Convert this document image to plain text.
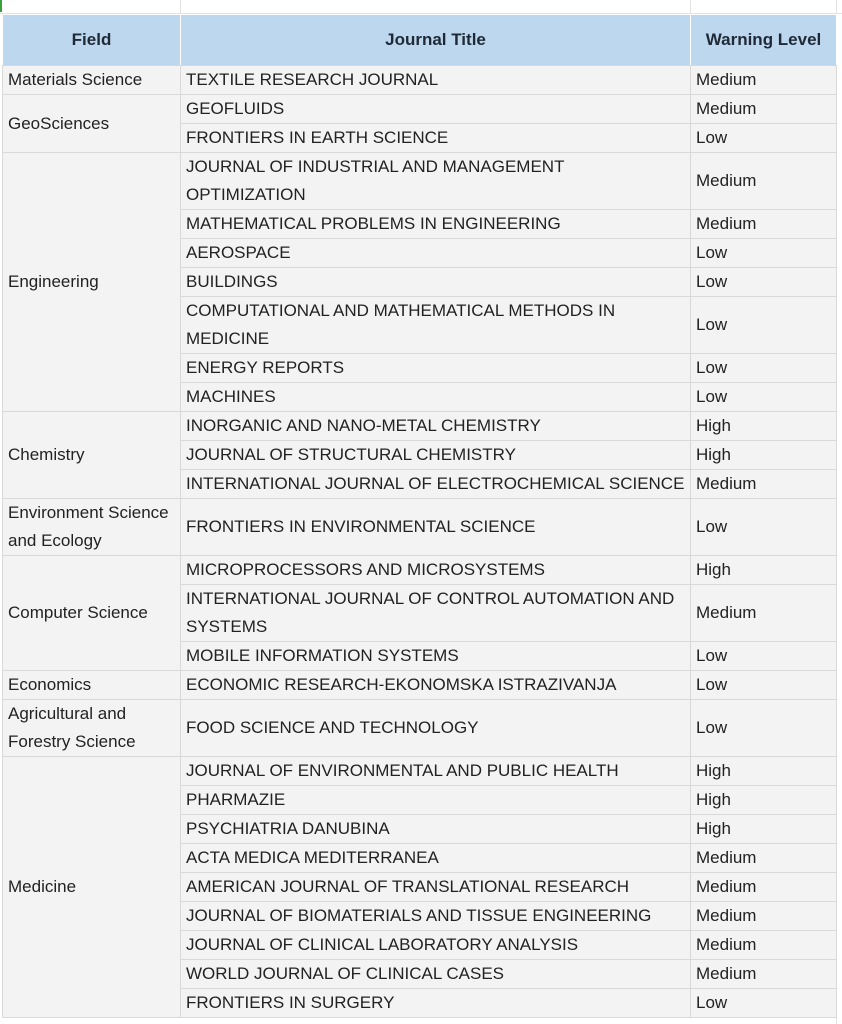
Field	Journal Title	Warning Level
Materials Science	TEXTILE RESEARCH JOURNAL	Medium
GeoSciences	GEOFLUIDS	Medium
	FRONTIERS IN EARTH SCIENCE	Low
Engineering	JOURNAL OF INDUSTRIAL AND MANAGEMENT OPTIMIZATION	Medium
	MATHEMATICAL PROBLEMS IN ENGINEERING	Medium
	AEROSPACE	Low
	BUILDINGS	Low
	COMPUTATIONAL AND MATHEMATICAL METHODS IN MEDICINE	Low
	ENERGY REPORTS	Low
	MACHINES	Low
Chemistry	INORGANIC AND NANO-METAL CHEMISTRY	High
	JOURNAL OF STRUCTURAL CHEMISTRY	High
	INTERNATIONAL JOURNAL OF ELECTROCHEMICAL SCIENCE	Medium
Environment Science and Ecology	FRONTIERS IN ENVIRONMENTAL SCIENCE	Low
Computer Science	MICROPROCESSORS AND MICROSYSTEMS	High
	INTERNATIONAL JOURNAL OF CONTROL AUTOMATION AND SYSTEMS	Medium
	MOBILE INFORMATION SYSTEMS	Low
Economics	ECONOMIC RESEARCH-EKONOMSKA ISTRAZIVANJA	Low
Agricultural and Forestry Science	FOOD SCIENCE AND TECHNOLOGY	Low
Medicine	JOURNAL OF ENVIRONMENTAL AND PUBLIC HEALTH	High
	PHARMAZIE	High
	PSYCHIATRIA DANUBINA	High
	ACTA MEDICA MEDITERRANEA	Medium
	AMERICAN JOURNAL OF TRANSLATIONAL RESEARCH	Medium
	JOURNAL OF BIOMATERIALS AND TISSUE ENGINEERING	Medium
	JOURNAL OF CLINICAL LABORATORY ANALYSIS	Medium
	WORLD JOURNAL OF CLINICAL CASES	Medium
	FRONTIERS IN SURGERY	Low
